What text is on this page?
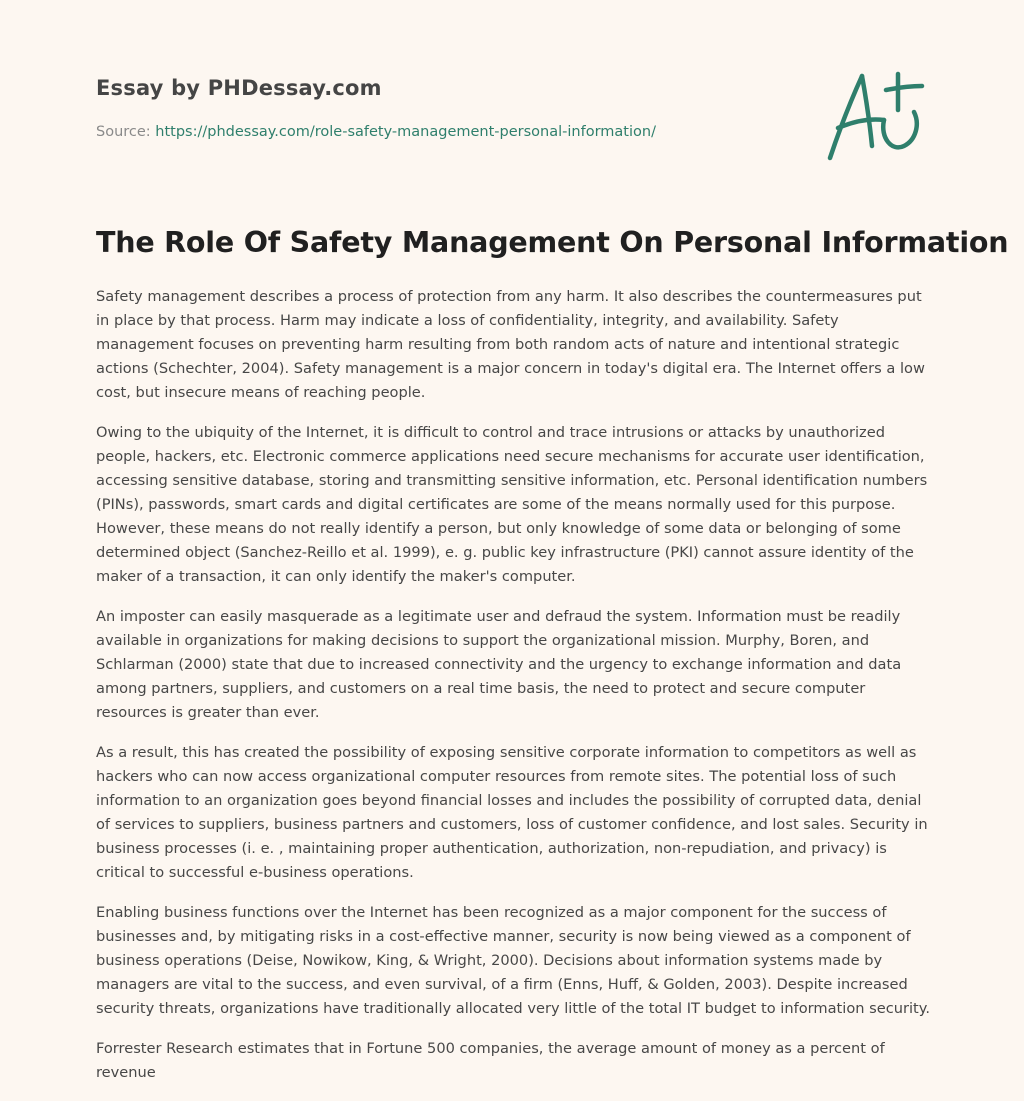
Essay by PHDessay.com
Source: https://phdessay.com/role-safety-management-personal-information/
The Role Of Safety Management On Personal Information

Safety management describes a process of protection from any harm. It also describes the countermeasures put in place by that process. Harm may indicate a loss of confidentiality, integrity, and availability. Safety management focuses on preventing harm resulting from both random acts of nature and intentional strategic actions (Schechter, 2004). Safety management is a major concern in today's digital era. The Internet offers a low cost, but insecure means of reaching people.

Owing to the ubiquity of the Internet, it is difficult to control and trace intrusions or attacks by unauthorized people, hackers, etc. Electronic commerce applications need secure mechanisms for accurate user identification, accessing sensitive database, storing and transmitting sensitive information, etc. Personal identification numbers (PINs), passwords, smart cards and digital certificates are some of the means normally used for this purpose. However, these means do not really identify a person, but only knowledge of some data or belonging of some determined object (Sanchez-Reillo et al. 1999), e. g. public key infrastructure (PKI) cannot assure identity of the maker of a transaction, it can only identify the maker's computer.

An imposter can easily masquerade as a legitimate user and defraud the system. Information must be readily available in organizations for making decisions to support the organizational mission. Murphy, Boren, and Schlarman (2000) state that due to increased connectivity and the urgency to exchange information and data among partners, suppliers, and customers on a real time basis, the need to protect and secure computer resources is greater than ever.

As a result, this has created the possibility of exposing sensitive corporate information to competitors as well as hackers who can now access organizational computer resources from remote sites. The potential loss of such information to an organization goes beyond financial losses and includes the possibility of corrupted data, denial of services to suppliers, business partners and customers, loss of customer confidence, and lost sales. Security in business processes (i. e. , maintaining proper authentication, authorization, non-repudiation, and privacy) is critical to successful e-business operations.

Enabling business functions over the Internet has been recognized as a major component for the success of businesses and, by mitigating risks in a cost-effective manner, security is now being viewed as a component of business operations (Deise, Nowikow, King, & Wright, 2000). Decisions about information systems made by managers are vital to the success, and even survival, of a firm (Enns, Huff, & Golden, 2003). Despite increased security threats, organizations have traditionally allocated very little of the total IT budget to information security.

Forrester Research estimates that in Fortune 500 companies, the average amount of money as a percent of revenue
